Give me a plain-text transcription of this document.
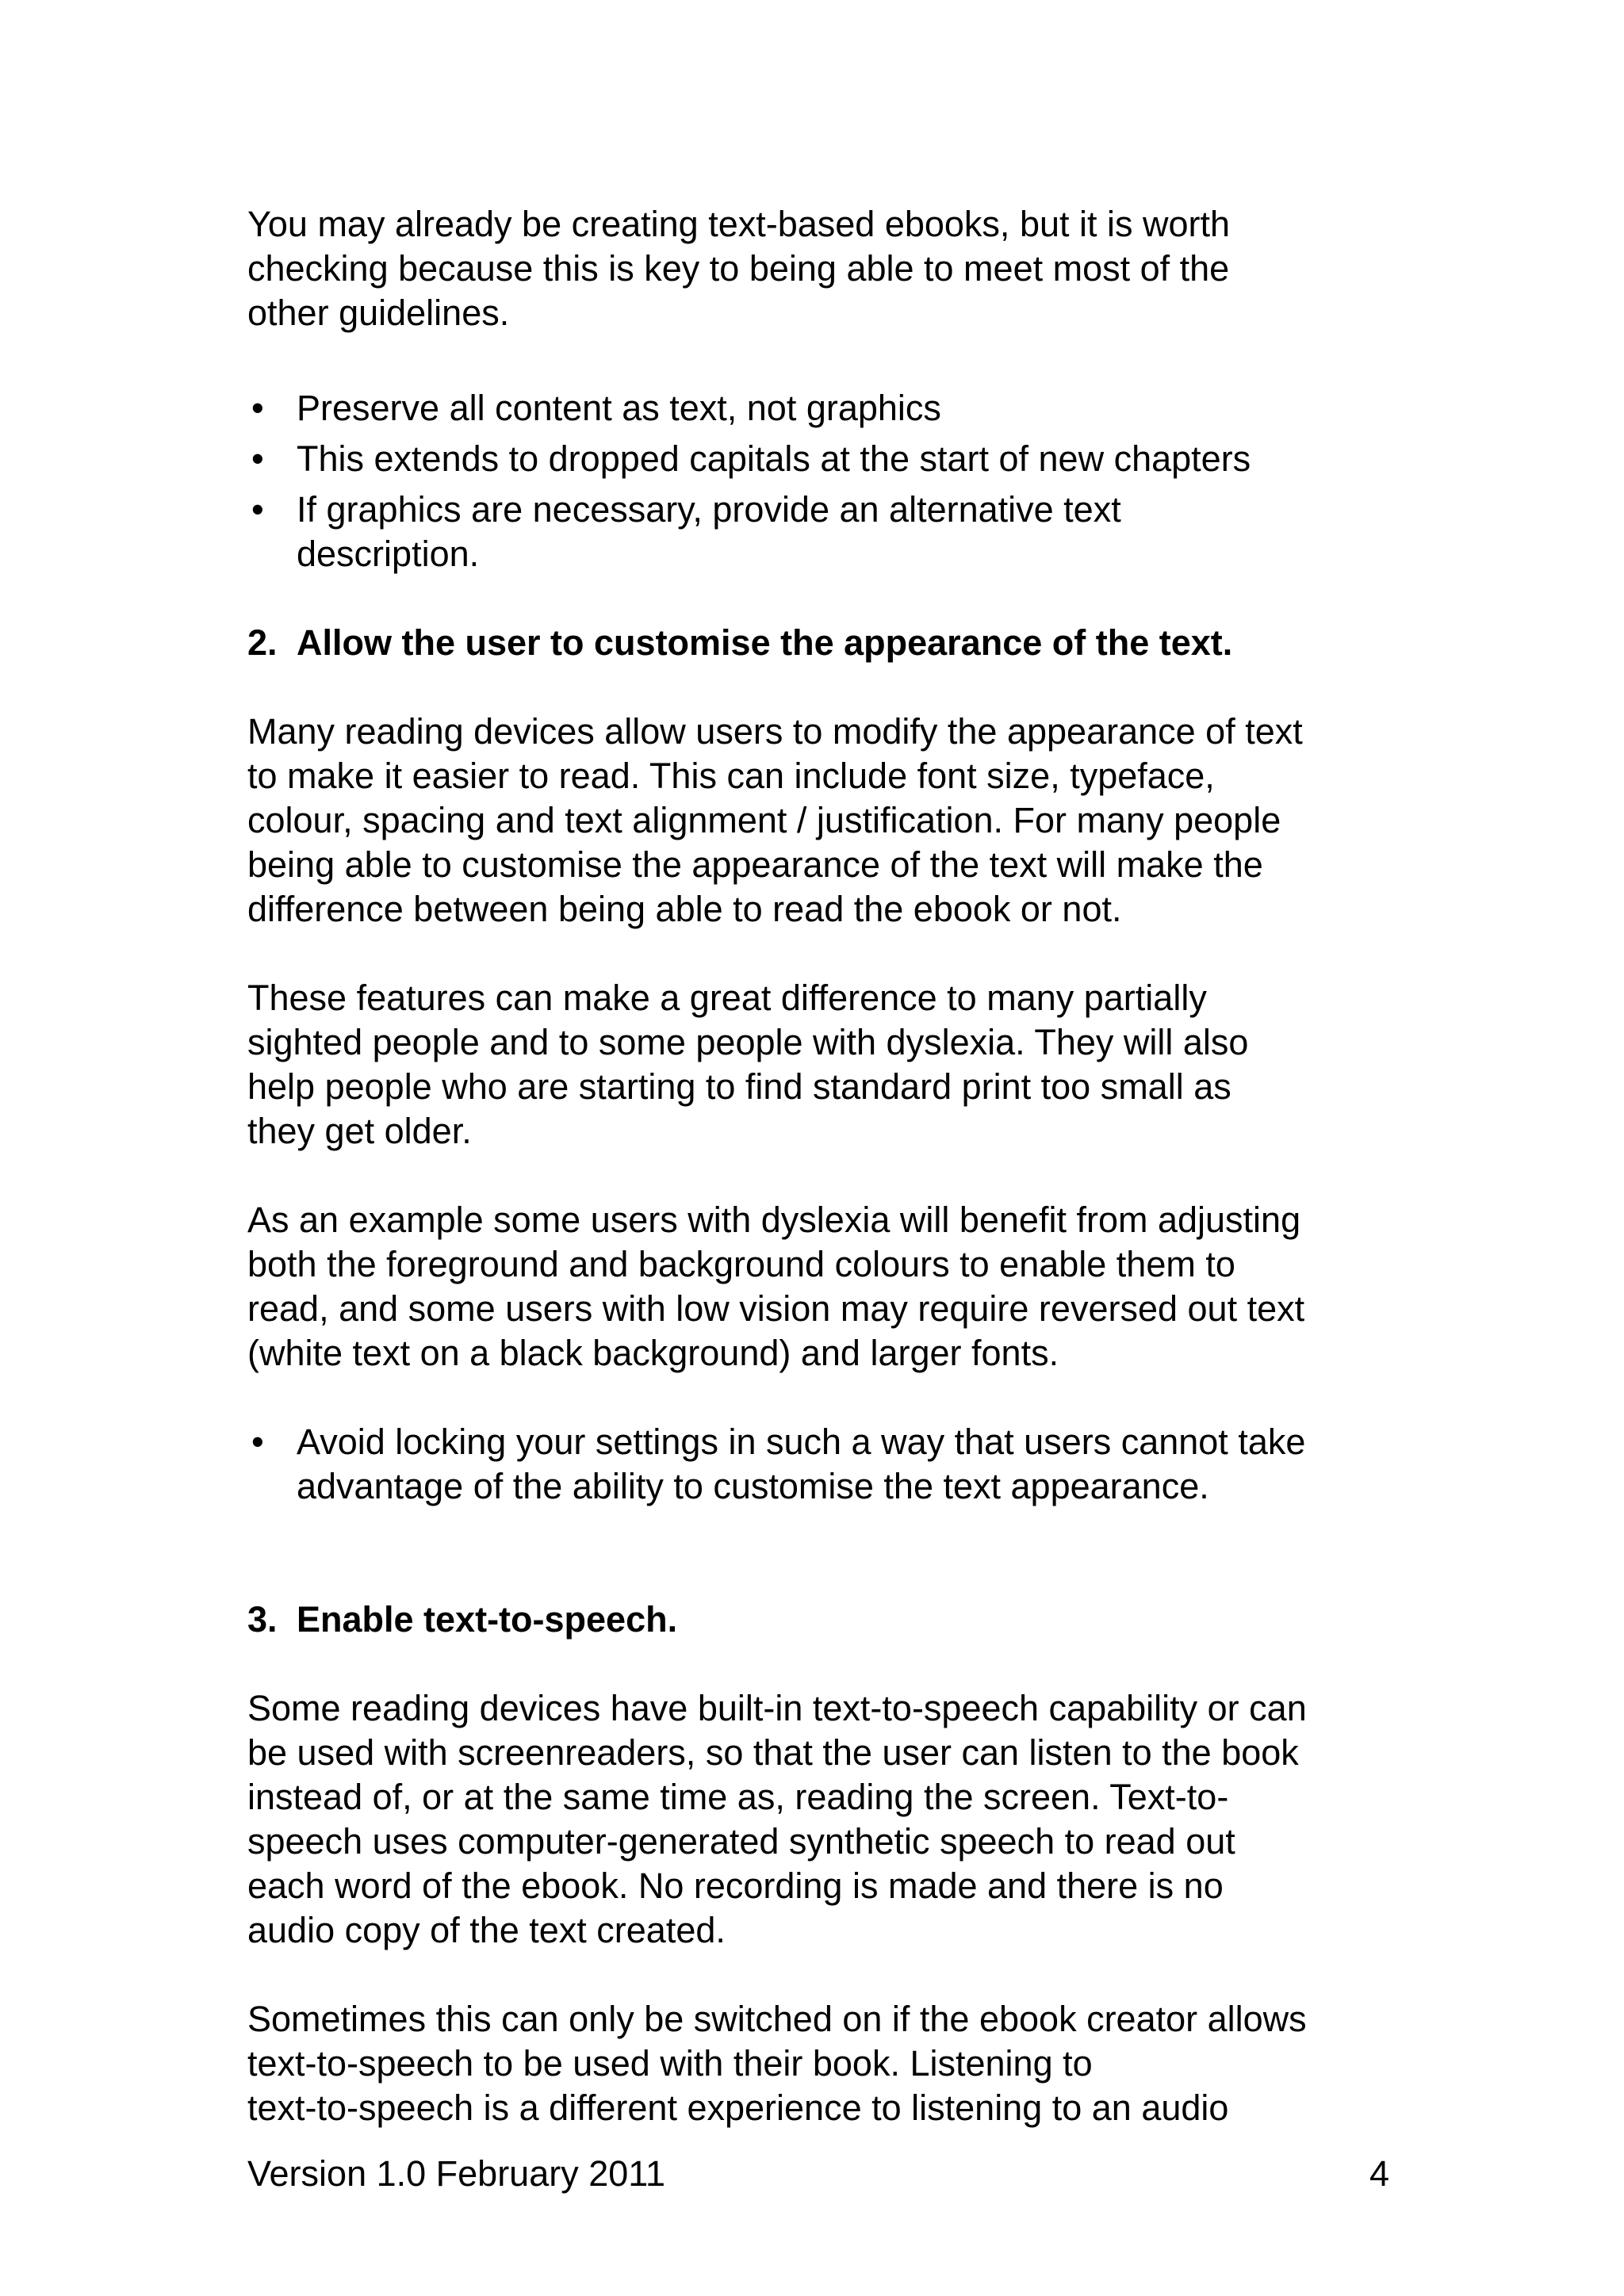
You may already be creating text-based ebooks, but it is worth
checking because this is key to being able to meet most of the
other guidelines.

• Preserve all content as text, not graphics
• This extends to dropped capitals at the start of new chapters
• If graphics are necessary, provide an alternative text
description.

2. Allow the user to customise the appearance of the text.

Many reading devices allow users to modify the appearance of text
to make it easier to read. This can include font size, typeface,
colour, spacing and text alignment / justification. For many people
being able to customise the appearance of the text will make the
difference between being able to read the ebook or not.

These features can make a great difference to many partially
sighted people and to some people with dyslexia. They will also
help people who are starting to find standard print too small as
they get older.

As an example some users with dyslexia will benefit from adjusting
both the foreground and background colours to enable them to
read, and some users with low vision may require reversed out text
(white text on a black background) and larger fonts.

• Avoid locking your settings in such a way that users cannot take
advantage of the ability to customise the text appearance.

3. Enable text-to-speech.

Some reading devices have built-in text-to-speech capability or can
be used with screenreaders, so that the user can listen to the book
instead of, or at the same time as, reading the screen. Text-to-
speech uses computer-generated synthetic speech to read out
each word of the ebook. No recording is made and there is no
audio copy of the text created.

Sometimes this can only be switched on if the ebook creator allows
text-to-speech to be used with their book. Listening to
text-to-speech is a different experience to listening to an audio

Version 1.0 February 2011	4
